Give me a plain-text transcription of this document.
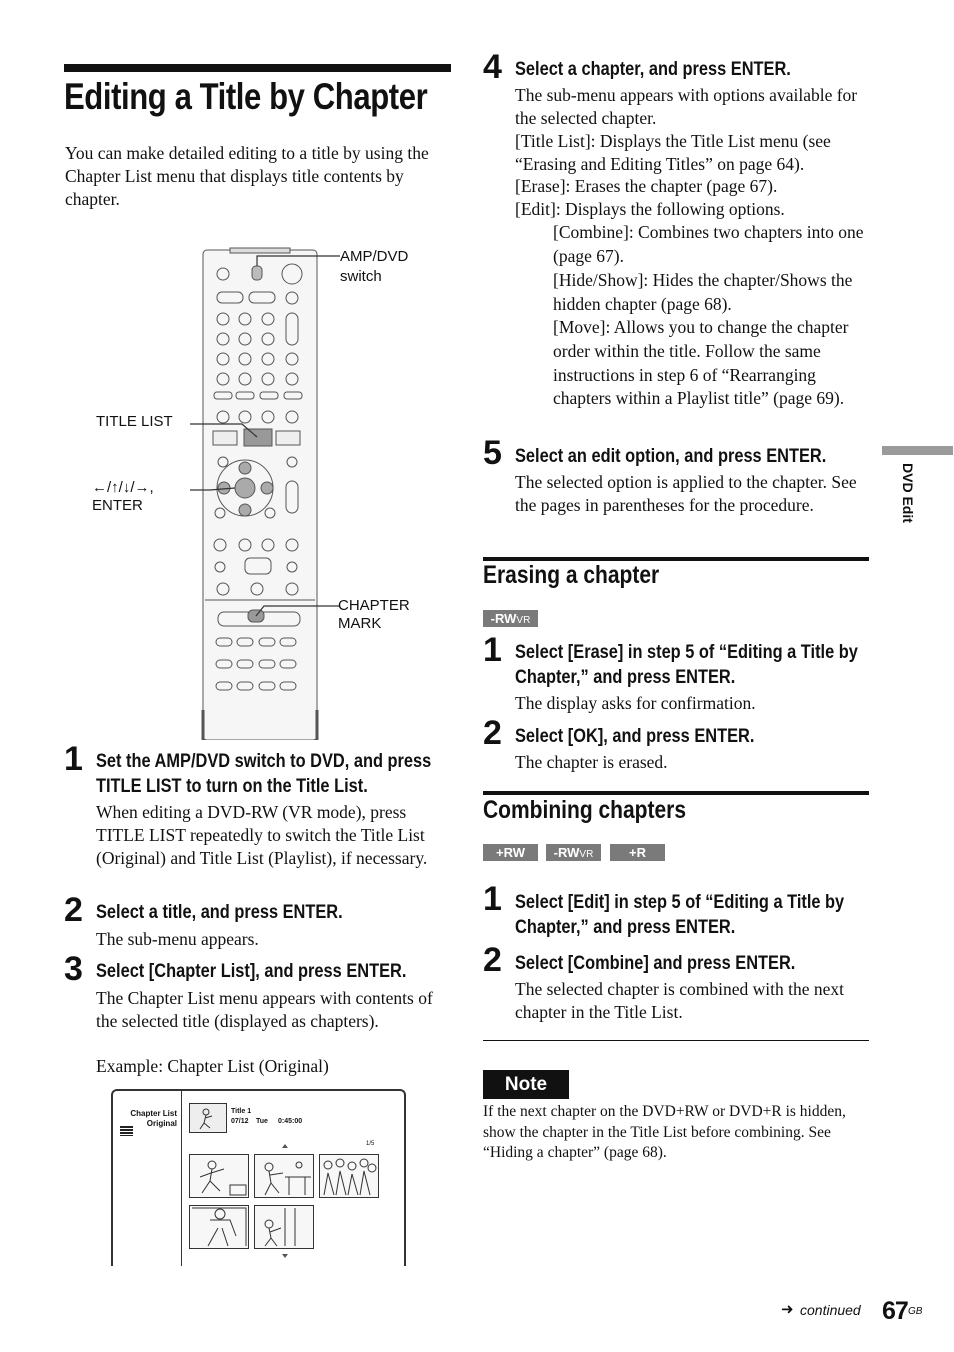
Editing a Title by Chapter
You can make detailed editing to a title by using the Chapter List menu that displays title contents by chapter.
AMP/DVD
switch
TITLE LIST
←/↑/↓/→,
ENTER
CHAPTER
MARK
1 Set the AMP/DVD switch to DVD, and press TITLE LIST to turn on the Title List.
When editing a DVD-RW (VR mode), press TITLE LIST repeatedly to switch the Title List (Original) and Title List (Playlist), if necessary.
2 Select a title, and press ENTER.
The sub-menu appears.
3 Select [Chapter List], and press ENTER.
The Chapter List menu appears with contents of the selected title (displayed as chapters).
Example: Chapter List (Original)
Chapter List
Original
Title 1
07/12 Tue 0:45:00
1/5
4 Select a chapter, and press ENTER.
The sub-menu appears with options available for the selected chapter.
[Title List]: Displays the Title List menu (see “Erasing and Editing Titles” on page 64).
[Erase]: Erases the chapter (page 67).
[Edit]: Displays the following options.
[Combine]: Combines two chapters into one (page 67).
[Hide/Show]: Hides the chapter/Shows the hidden chapter (page 68).
[Move]: Allows you to change the chapter order within the title. Follow the same instructions in step 6 of “Rearranging chapters within a Playlist title” (page 69).
5 Select an edit option, and press ENTER.
The selected option is applied to the chapter. See the pages in parentheses for the procedure.
Erasing a chapter
-RWVR
1 Select [Erase] in step 5 of “Editing a Title by Chapter,” and press ENTER.
The display asks for confirmation.
2 Select [OK], and press ENTER.
The chapter is erased.
Combining chapters
+RW	-RWVR	+R
1 Select [Edit] in step 5 of “Editing a Title by Chapter,” and press ENTER.
2 Select [Combine] and press ENTER.
The selected chapter is combined with the next chapter in the Title List.
Note
If the next chapter on the DVD+RW or DVD+R is hidden, show the chapter in the Title List before combining. See “Hiding a chapter” (page 68).
DVD Edit
➜ continued 67 GB
